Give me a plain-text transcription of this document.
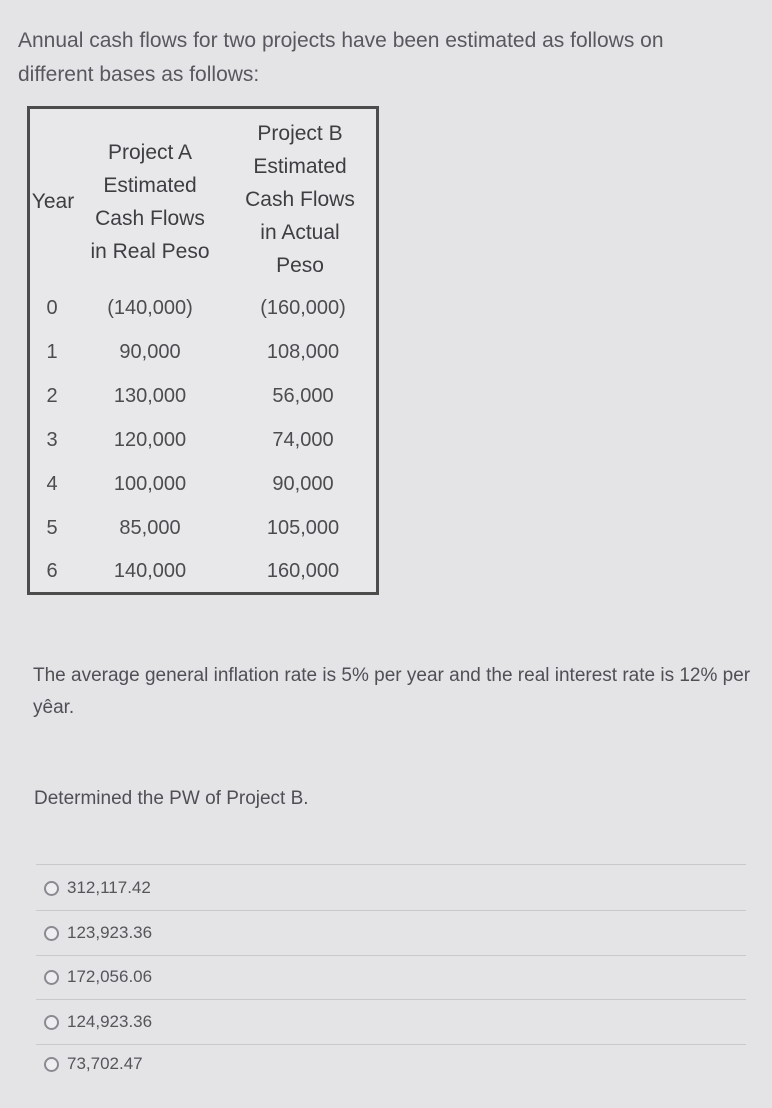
Annual cash flows for two projects have been estimated as follows on different bases as follows:
Year
Project A
Estimated
Cash Flows
in Real Peso
Project B
Estimated
Cash Flows
in Actual
Peso
0	(140,000)	(160,000)
1	90,000	108,000
2	130,000	56,000
3	120,000	74,000
4	100,000	90,000
5	85,000	105,000
6	140,000	160,000
The average general inflation rate is 5% per year and the real interest rate is 12% per yêar.
Determined the PW of Project B.
312,117.42
123,923.36
172,056.06
124,923.36
73,702.47
